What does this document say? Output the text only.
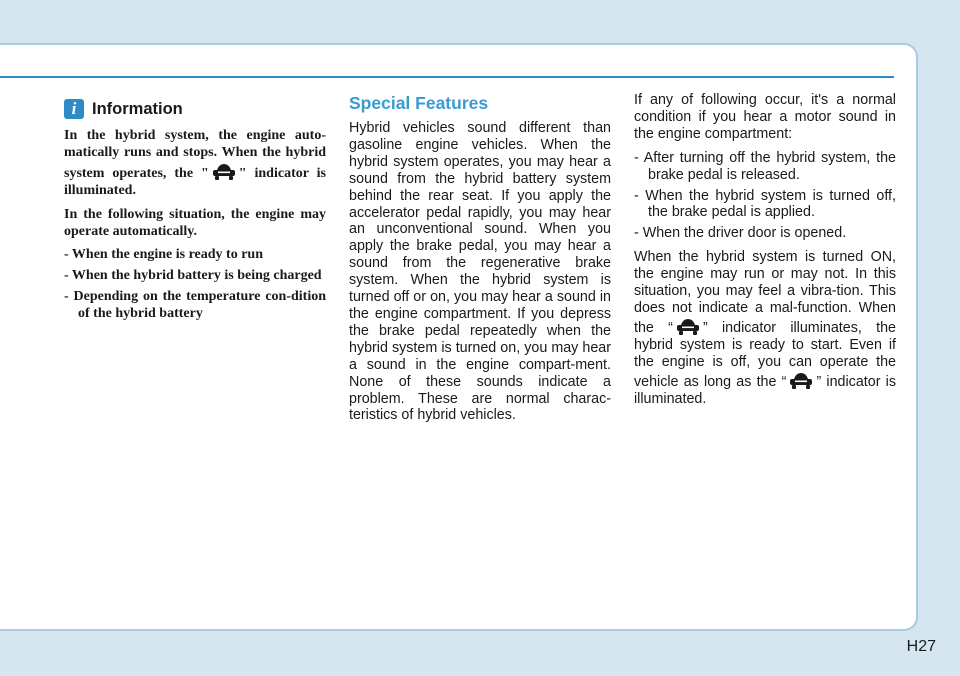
i Information

In the hybrid system, the engine auto-matically runs and stops. When the hybrid system operates, the " " indicator is illuminated.

In the following situation, the engine may operate automatically.

- When the engine is ready to run
- When the hybrid battery is being charged
- Depending on the temperature con-dition of the hybrid battery
Special Features

Hybrid vehicles sound different than gasoline engine vehicles. When the hybrid system operates, you may hear a sound from the hybrid battery system behind the rear seat. If you apply the accelerator pedal rapidly, you may hear an unconventional sound. When you apply the brake pedal, you may hear a sound from the regenerative brake system. When the hybrid system is turned off or on, you may hear a sound in the engine compartment. If you depress the brake pedal repeatedly when the hybrid system is turned on, you may hear a sound in the engine compart-ment. None of these sounds indicate a problem. These are normal charac-teristics of hybrid vehicles.

If any of following occur, it's a normal condition if you hear a motor sound in the engine compartment:

- After turning off the hybrid system, the brake pedal is released.
- When the hybrid system is turned off, the brake pedal is applied.
- When the driver door is opened.

When the hybrid system is turned ON, the engine may run or may not. In this situation, you may feel a vibra-tion. This does not indicate a mal-function. When the “ ” indicator illuminates, the hybrid system is ready to start. Even if the engine is off, you can operate the vehicle as long as the “ ” indicator is illuminated.

H27
